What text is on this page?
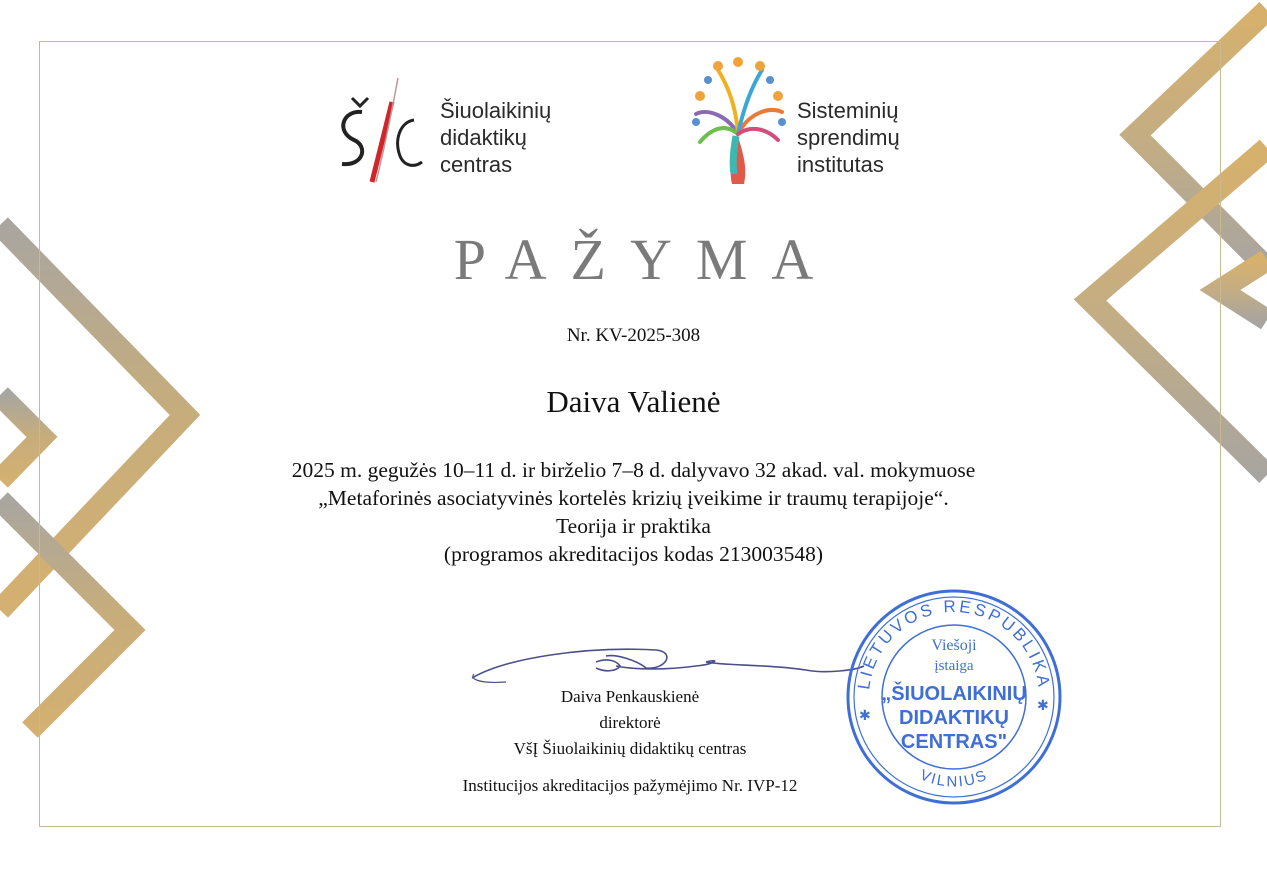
Šiuolaikinių
didaktikų
centras
Sisteminių
sprendimų
institutas
PAŽYMA
Nr. KV-2025-308
Daiva Valienė
2025 m. gegužės 10–11 d. ir birželio 7–8 d. dalyvavo 32 akad. val. mokymuose
„Metaforinės asociatyvinės kortelės krizių įveikime ir traumų terapijoje“.
Teorija ir praktika
(programos akreditacijos kodas 213003548)
Daiva Penkauskienė
direktorė
VšĮ Šiuolaikinių didaktikų centras
Institucijos akreditacijos pažymėjimo Nr. IVP-12
LIETUVOS RESPUBLIKA
VILNIUS
Viešoji
įstaiga
„ŠIUOLAIKINIŲ
DIDAKTIKŲ
CENTRAS"
✱
✱
